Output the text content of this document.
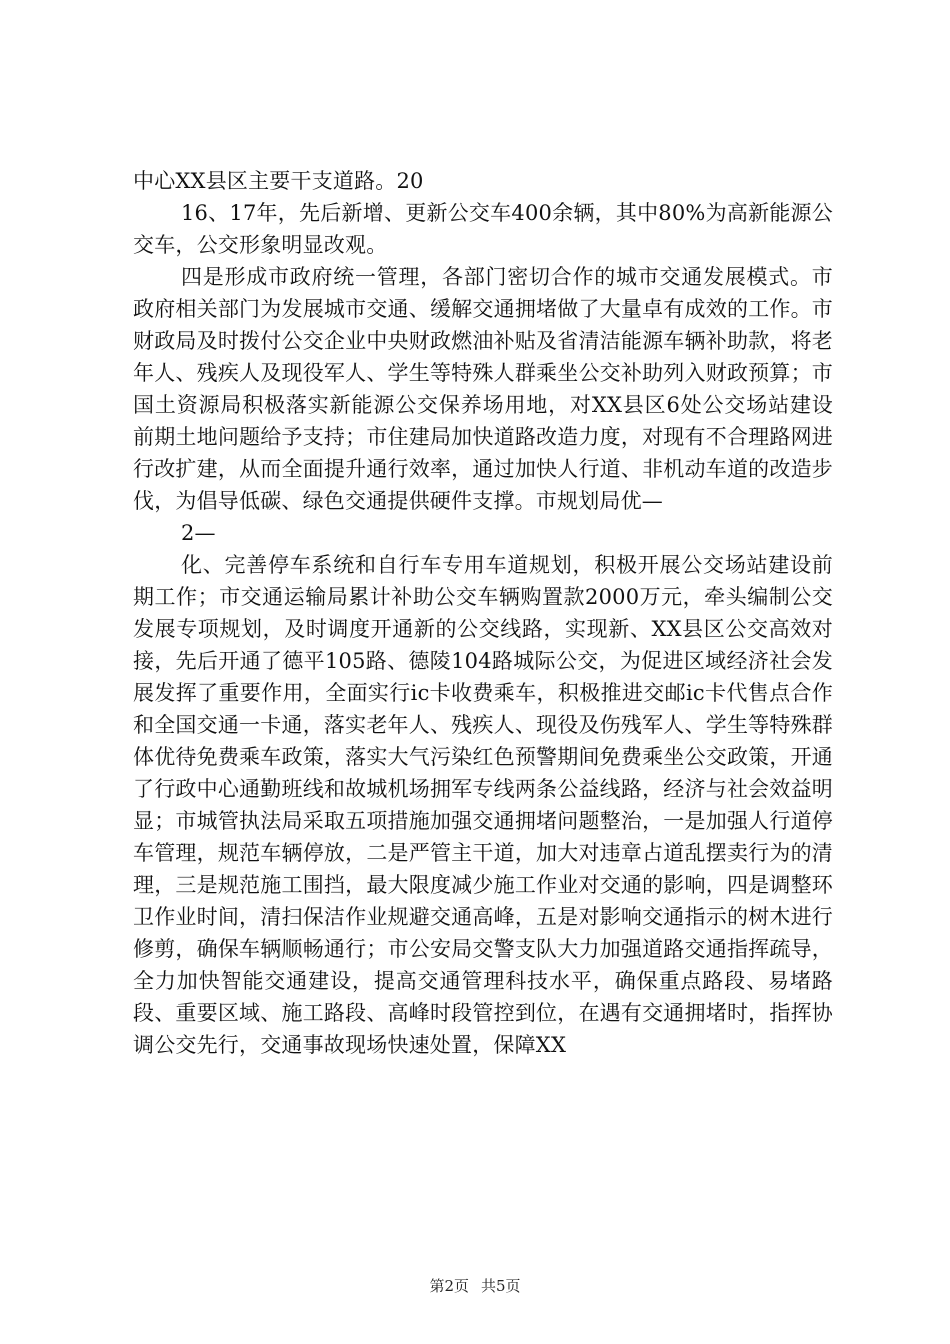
中心XX县区主要干支道路。20

16、17年，先后新增、更新公交车400余辆，其中80%为高新能源公交车，公交形象明显改观。

四是形成市政府统一管理，各部门密切合作的城市交通发展模式。市政府相关部门为发展城市交通、缓解交通拥堵做了大量卓有成效的工作。市财政局及时拨付公交企业中央财政燃油补贴及省清洁能源车辆补助款，将老年人、残疾人及现役军人、学生等特殊人群乘坐公交补助列入财政预算；市国土资源局积极落实新能源公交保养场用地，对XX县区6处公交场站建设前期土地问题给予支持；市住建局加快道路改造力度，对现有不合理路网进行改扩建，从而全面提升通行效率，通过加快人行道、非机动车道的改造步伐，为倡导低碳、绿色交通提供硬件支撑。市规划局优—

2—

化、完善停车系统和自行车专用车道规划，积极开展公交场站建设前期工作；市交通运输局累计补助公交车辆购置款2000万元，牵头编制公交发展专项规划，及时调度开通新的公交线路，实现新、XX县区公交高效对接，先后开通了德平105路、德陵104路城际公交，为促进区域经济社会发展发挥了重要作用，全面实行ic卡收费乘车，积极推进交邮ic卡代售点合作和全国交通一卡通，落实老年人、残疾人、现役及伤残军人、学生等特殊群体优待免费乘车政策，落实大气污染红色预警期间免费乘坐公交政策，开通了行政中心通勤班线和故城机场拥军专线两条公益线路，经济与社会效益明显；市城管执法局采取五项措施加强交通拥堵问题整治，一是加强人行道停车管理，规范车辆停放，二是严管主干道，加大对违章占道乱摆卖行为的清理，三是规范施工围挡，最大限度减少施工作业对交通的影响，四是调整环卫作业时间，清扫保洁作业规避交通高峰，五是对影响交通指示的树木进行修剪，确保车辆顺畅通行；市公安局交警支队大力加强道路交通指挥疏导，全力加快智能交通建设，提高交通管理科技水平，确保重点路段、易堵路段、重要区域、施工路段、高峰时段管控到位，在遇有交通拥堵时，指挥协调公交先行，交通事故现场快速处置，保障XX

第2页 共5页
